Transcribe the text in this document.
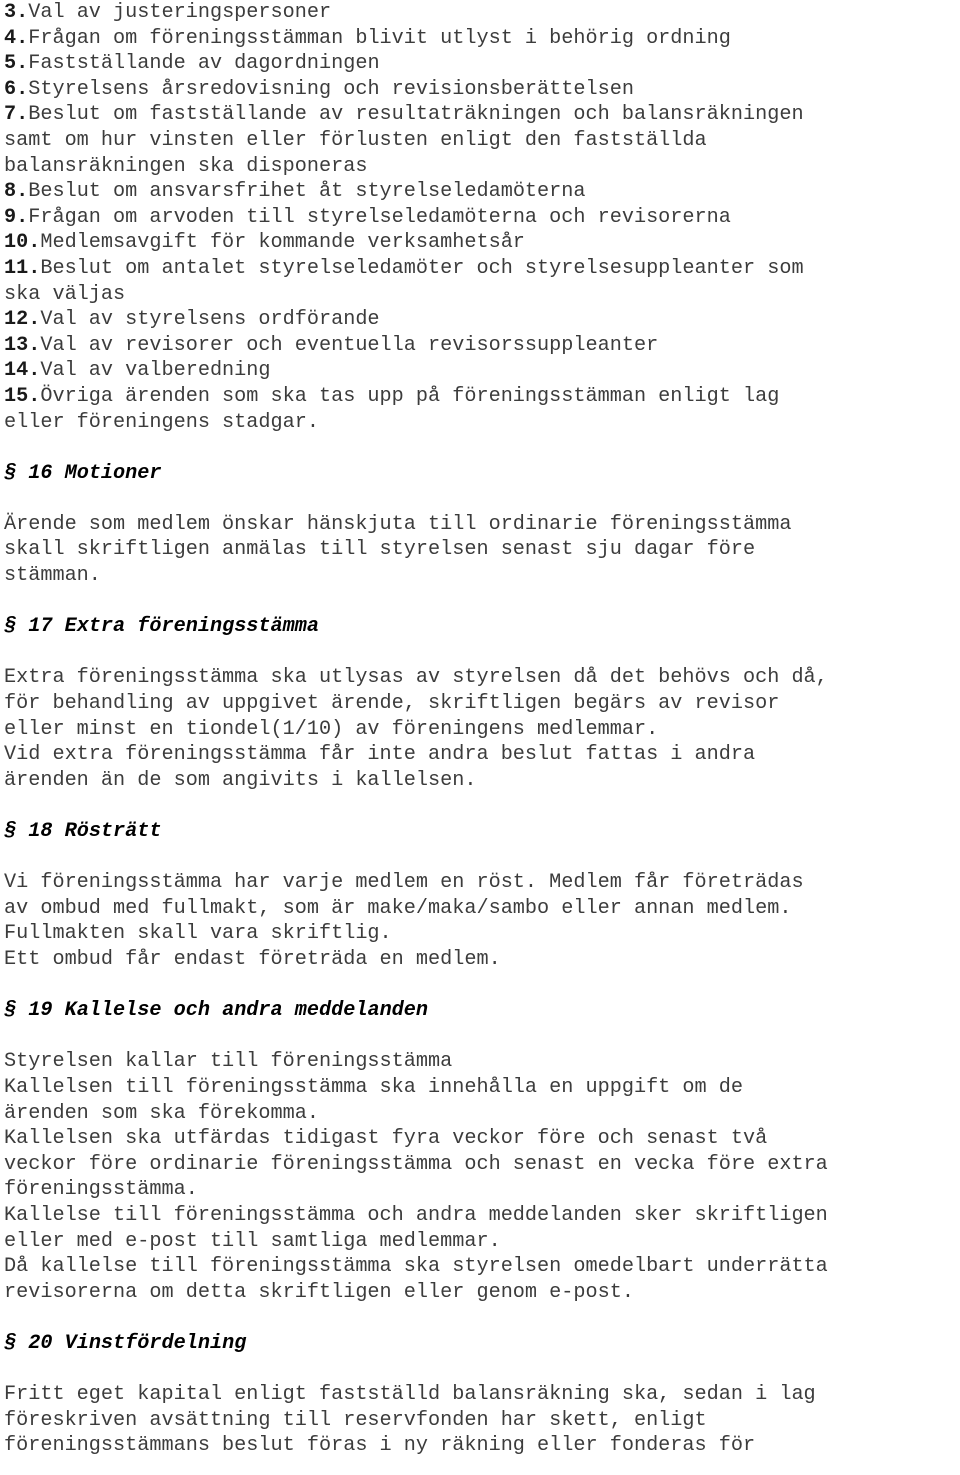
3.Val av justeringspersoner
4.Frågan om föreningsstämman blivit utlyst i behörig ordning
5.Fastställande av dagordningen
6.Styrelsens årsredovisning och revisionsberättelsen
7.Beslut om fastställande av resultaträkningen och balansräkningen
samt om hur vinsten eller förlusten enligt den fastställda
balansräkningen ska disponeras
8.Beslut om ansvarsfrihet åt styrelseledamöterna
9.Frågan om arvoden till styrelseledamöterna och revisorerna
10.Medlemsavgift för kommande verksamhetsår
11.Beslut om antalet styrelseledamöter och styrelsesuppleanter som
ska väljas
12.Val av styrelsens ordförande
13.Val av revisorer och eventuella revisorssuppleanter
14.Val av valberedning
15.Övriga ärenden som ska tas upp på föreningsstämman enligt lag
eller föreningens stadgar.
§ 16 Motioner
Ärende som medlem önskar hänskjuta till ordinarie föreningsstämma
skall skriftligen anmälas till styrelsen senast sju dagar före
stämman.
§ 17 Extra föreningsstämma
Extra föreningsstämma ska utlysas av styrelsen då det behövs och då,
för behandling av uppgivet ärende, skriftligen begärs av revisor
eller minst en tiondel(1/10) av föreningens medlemmar.
Vid extra föreningsstämma får inte andra beslut fattas i andra
ärenden än de som angivits i kallelsen.
§ 18 Rösträtt
Vi föreningsstämma har varje medlem en röst. Medlem får företrädas
av ombud med fullmakt, som är make/maka/sambo eller annan medlem.
Fullmakten skall vara skriftlig.
Ett ombud får endast företräda en medlem.
§ 19 Kallelse och andra meddelanden
Styrelsen kallar till föreningsstämma
Kallelsen till föreningsstämma ska innehålla en uppgift om de
ärenden som ska förekomma.
Kallelsen ska utfärdas tidigast fyra veckor före och senast två
veckor före ordinarie föreningsstämma och senast en vecka före extra
föreningsstämma.
Kallelse till föreningsstämma och andra meddelanden sker skriftligen
eller med e-post till samtliga medlemmar.
Då kallelse till föreningsstämma ska styrelsen omedelbart underrätta
revisorerna om detta skriftligen eller genom e-post.
§ 20 Vinstfördelning
Fritt eget kapital enligt fastställd balansräkning ska, sedan i lag
föreskriven avsättning till reservfonden har skett, enligt
föreningsstämmans beslut föras i ny räkning eller fonderas för
